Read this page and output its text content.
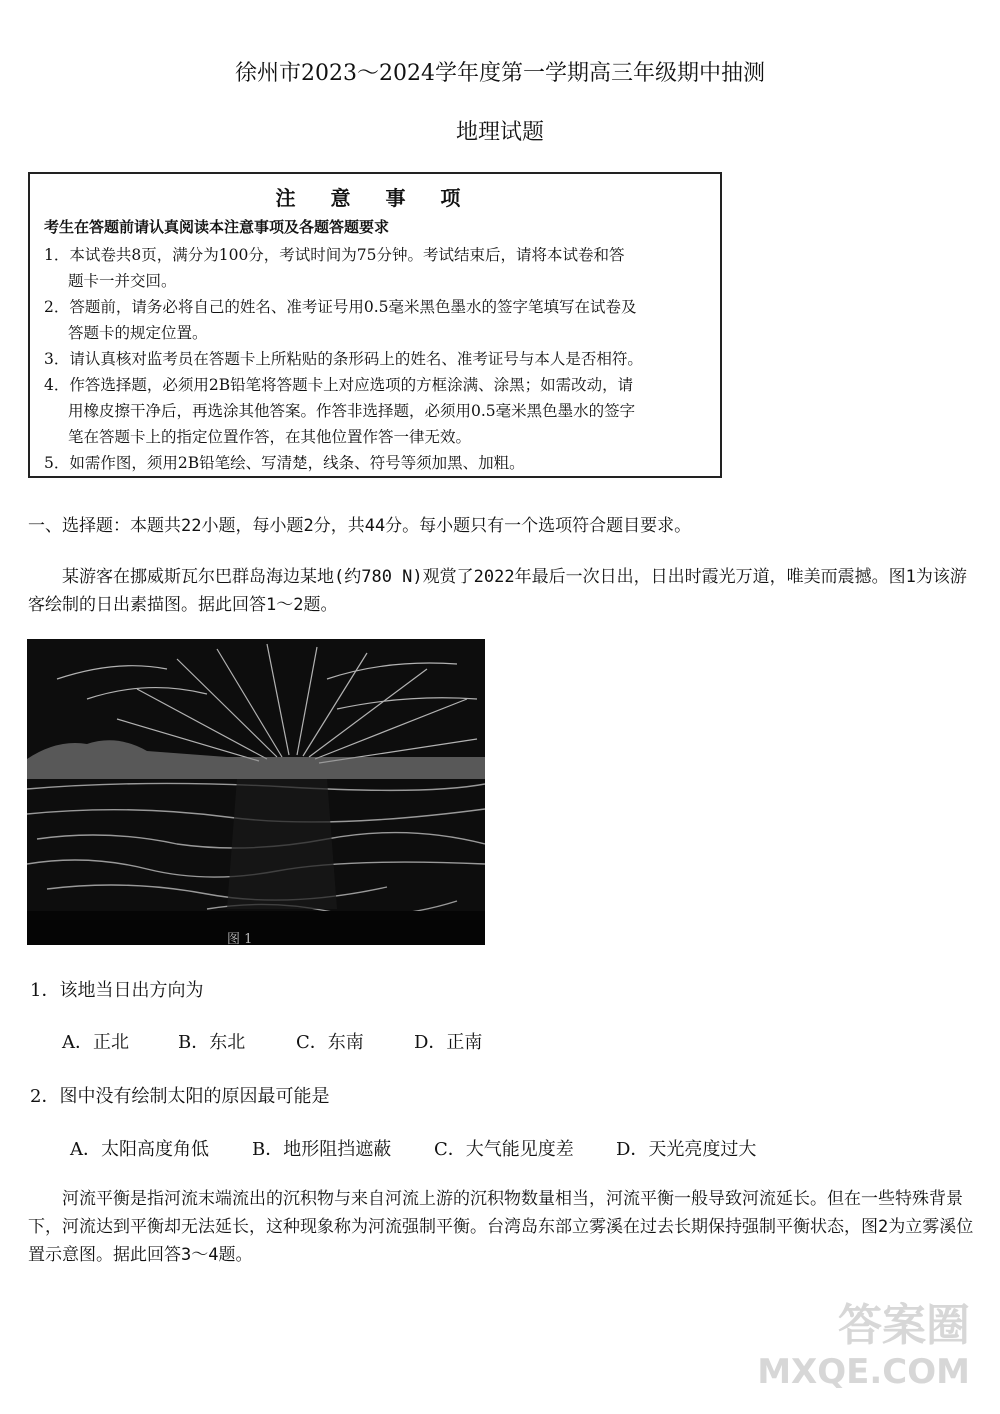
徐州市2023～2024学年度第一学期高三年级期中抽测
地理试题
注 意 事 项
考生在答题前请认真阅读本注意事项及各题答题要求
1．本试卷共8页，满分为100分，考试时间为75分钟。考试结束后，请将本试卷和答
题卡一并交回。
2．答题前，请务必将自己的姓名、准考证号用0.5毫米黑色墨水的签字笔填写在试卷及
答题卡的规定位置。
3．请认真核对监考员在答题卡上所粘贴的条形码上的姓名、准考证号与本人是否相符。
4．作答选择题，必须用2B铅笔将答题卡上对应选项的方框涂满、涂黑；如需改动，请
用橡皮擦干净后，再选涂其他答案。作答非选择题，必须用0.5毫米黑色墨水的签字
笔在答题卡上的指定位置作答，在其他位置作答一律无效。
5．如需作图，须用2B铅笔绘、写清楚，线条、符号等须加黑、加粗。
一、选择题：本题共22小题，每小题2分，共44分。每小题只有一个选项符合题目要求。
某游客在挪威斯瓦尔巴群岛海边某地(约780 N)观赏了2022年最后一次日出，日出时霞光万道，唯美而震撼。图1为该游客绘制的日出素描图。据此回答1～2题。
图 1
1．该地当日出方向为
A．正北	B．东北	C．东南	D．正南
2．图中没有绘制太阳的原因最可能是
A．太阳高度角低 B．地形阻挡遮蔽 C．大气能见度差 D．天光亮度过大
河流平衡是指河流末端流出的沉积物与来自河流上游的沉积物数量相当，河流平衡一般导致河流延长。但在一些特殊背景下，河流达到平衡却无法延长，这种现象称为河流强制平衡。台湾岛东部立雾溪在过去长期保持强制平衡状态，图2为立雾溪位置示意图。据此回答3～4题。
答案圈
MXQE.COM
